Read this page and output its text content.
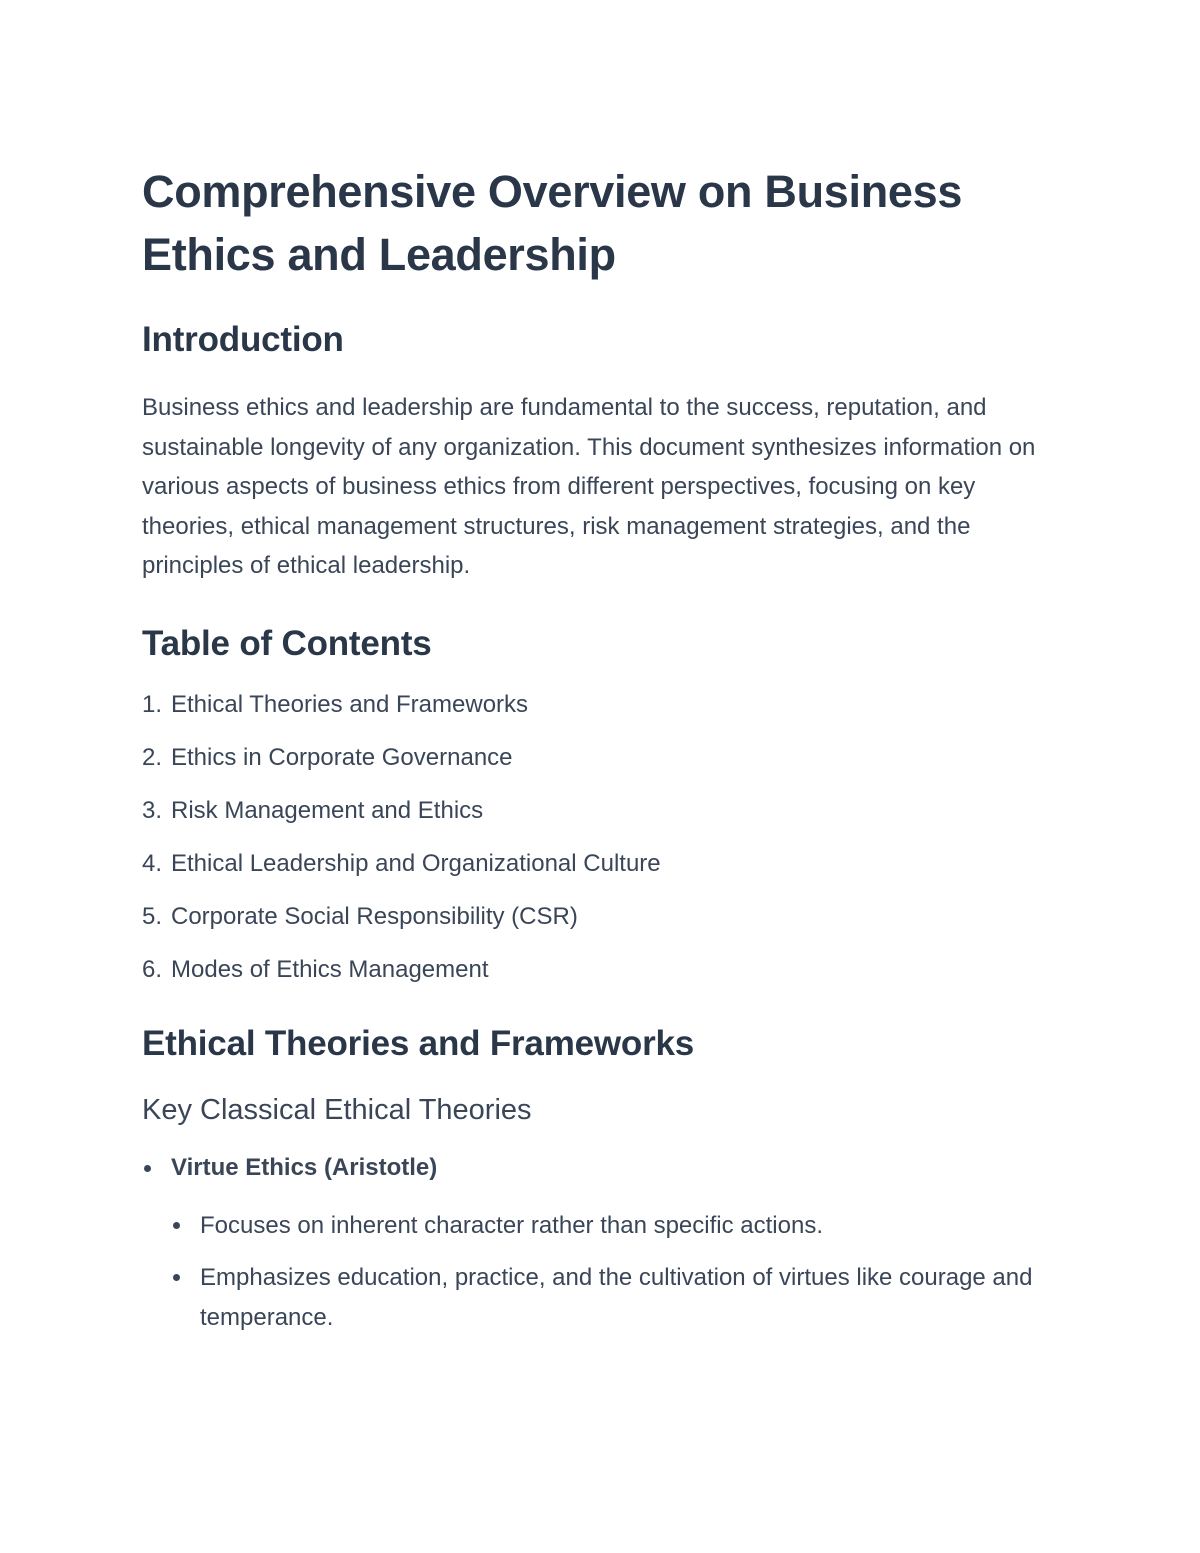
Comprehensive Overview on Business Ethics and Leadership
Introduction

Business ethics and leadership are fundamental to the success, reputation, and sustainable longevity of any organization. This document synthesizes information on various aspects of business ethics from different perspectives, focusing on key theories, ethical management structures, risk management strategies, and the principles of ethical leadership.

Table of Contents
1. Ethical Theories and Frameworks
2. Ethics in Corporate Governance
3. Risk Management and Ethics
4. Ethical Leadership and Organizational Culture
5. Corporate Social Responsibility (CSR)
6. Modes of Ethics Management
Ethical Theories and Frameworks
Key Classical Ethical Theories
Virtue Ethics (Aristotle)
Focuses on inherent character rather than specific actions.
Emphasizes education, practice, and the cultivation of virtues like courage and temperance.
